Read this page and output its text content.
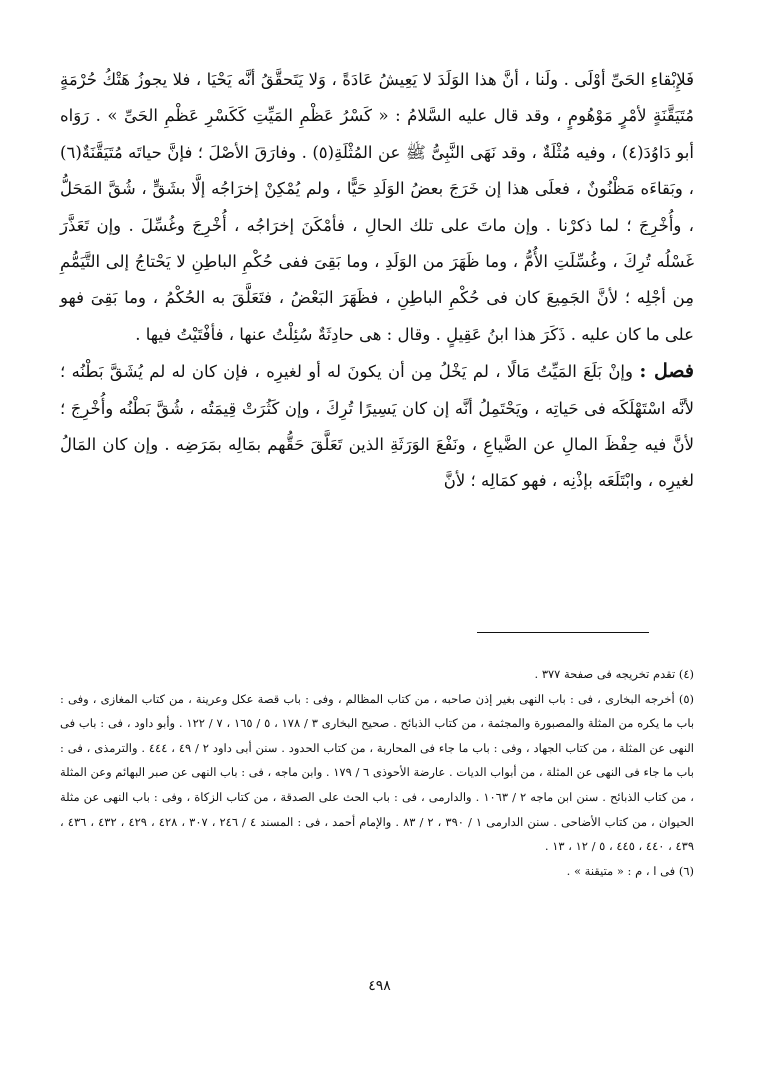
فَلإِبْقاءِ الحَىِّ أوْلَى . ولَنا ، أنَّ هذا الوَلَدَ لا يَعِيشُ عَادَةً ، وَلا يَتَحقَّقُ أنَّه يَحْيَا ، فلا يجوزُ هَتْكُ حُرْمَةٍ مُتَيَقَّنَةٍ لأمْرٍ مَوْهُومٍ ، وقد قال عليه السَّلامُ : « كَسْرُ عَظْمِ المَيِّتِ كَكَسْرِ عَظْمِ الحَىِّ » . رَوَاه أبو دَاوُدَ(٤) ، وفيه مُثْلَةٌ ، وقد نَهَى النَّبِىُّ ﷺ عن المُثْلَةِ(٥) . وفارَقَ الأصْلَ ؛ فإنَّ حياتَه مُتَيَقَّنَةٌ(٦) ، وبَقاءَه مَظْنُونٌ ، فعلَى هذا إن خَرَجَ بعضُ الوَلَدِ حَيًّا ، ولم يُمْكِنْ إخرَاجُه إلَّا بشَقٍّ ، شُقَّ المَحَلُّ ، وأُخْرِجَ ؛ لما ذكرْنا . وإن ماتَ على تلك الحالِ ، فأمْكَنَ إخرَاجُه ، أُخْرِجَ وغُسِّلَ . وإن تَعَذَّرَ غَسْلُه تُرِكَ ، وغُسِّلَتِ الأُمُّ ، وما ظَهَرَ من الوَلَدِ ، وما بَقِىَ ففى حُكْمِ الباطِنِ لا يَحْتاجُ إلى التَّيَمُّمِ مِن أجْلِه ؛ لأنَّ الجَمِيعَ كان فى حُكْمِ الباطِنِ ، فظَهَرَ البَعْضُ ، فتَعَلَّقَ به الحُكْمُ ، وما بَقِىَ فهو على ما كان عليه . ذَكَرَ هذا ابنُ عَقِيلٍ . وقال : هى حادِثَةٌ سُئِلْتُ عنها ، فأفْتَيْتُ فيها .

فصل : وإنْ بَلَعَ المَيِّتُ مَالًا ، لم يَخْلُ مِن أن يكونَ له أو لغيرِه ، فإن كان له لم يُشَقَّ بَطْنُه ؛ لأنَّه اسْتَهْلَكَه فى حَياتِه ، ويَحْتَمِلُ أنَّه إن كان يَسِيرًا تُرِكَ ، وإن كَثُرَتْ قِيمَتُه ، شُقَّ بَطْنُه وأُخْرِجَ ؛ لأنَّ فيه حِفْظَ المالِ عن الضَّياعِ ، ونَفْعَ الوَرَثَةِ الذين تَعَلَّقَ حَقُّهم بمَالِه بمَرَضِه . وإن كان المَالُ لغيرِه ، وابْتَلَعَه بإذْنِه ، فهو كمَالِه ؛ لأنَّ

(٤) تقدم تخريجه فى صفحة ٣٧٧ .

(٥) أخرجه البخارى ، فى : باب النهى بغير إذن صاحبه ، من كتاب المظالم ، وفى : باب قصة عكل وعرينة ، من كتاب المغازى ، وفى : باب ما يكره من المثلة والمصبورة والمجثمة ، من كتاب الذبائح . صحيح البخارى ٣ / ١٧٨ ، ٥ / ١٦٥ ، ٧ / ١٢٢ . وأبو داود ، فى : باب فى النهى عن المثلة ، من كتاب الجهاد ، وفى : باب ما جاء فى المحاربة ، من كتاب الحدود . سنن أبى داود ٢ / ٤٩ ، ٤٤٤ . والترمذى ، فى : باب ما جاء فى النهى عن المثلة ، من أبواب الديات . عارضة الأحوذى ٦ / ١٧٩ . وابن ماجه ، فى : باب النهى عن صبر البهائم وعن المثلة ، من كتاب الذبائح . سنن ابن ماجه ٢ / ١٠٦٣ . والدارمى ، فى : باب الحث على الصدقة ، من كتاب الزكاة ، وفى : باب النهى عن مثلة الحيوان ، من كتاب الأضاحى . سنن الدارمى ١ / ٣٩٠ ، ٢ / ٨٣ . والإمام أحمد ، فى : المسند ٤ / ٢٤٦ ، ٣٠٧ ، ٤٢٨ ، ٤٢٩ ، ٤٣٢ ، ٤٣٦ ، ٤٣٩ ، ٤٤٠ ، ٤٤٥ ، ٥ / ١٢ ، ١٣ .

(٦) فى ا ، م : « متيقنة » .

٤٩٨
